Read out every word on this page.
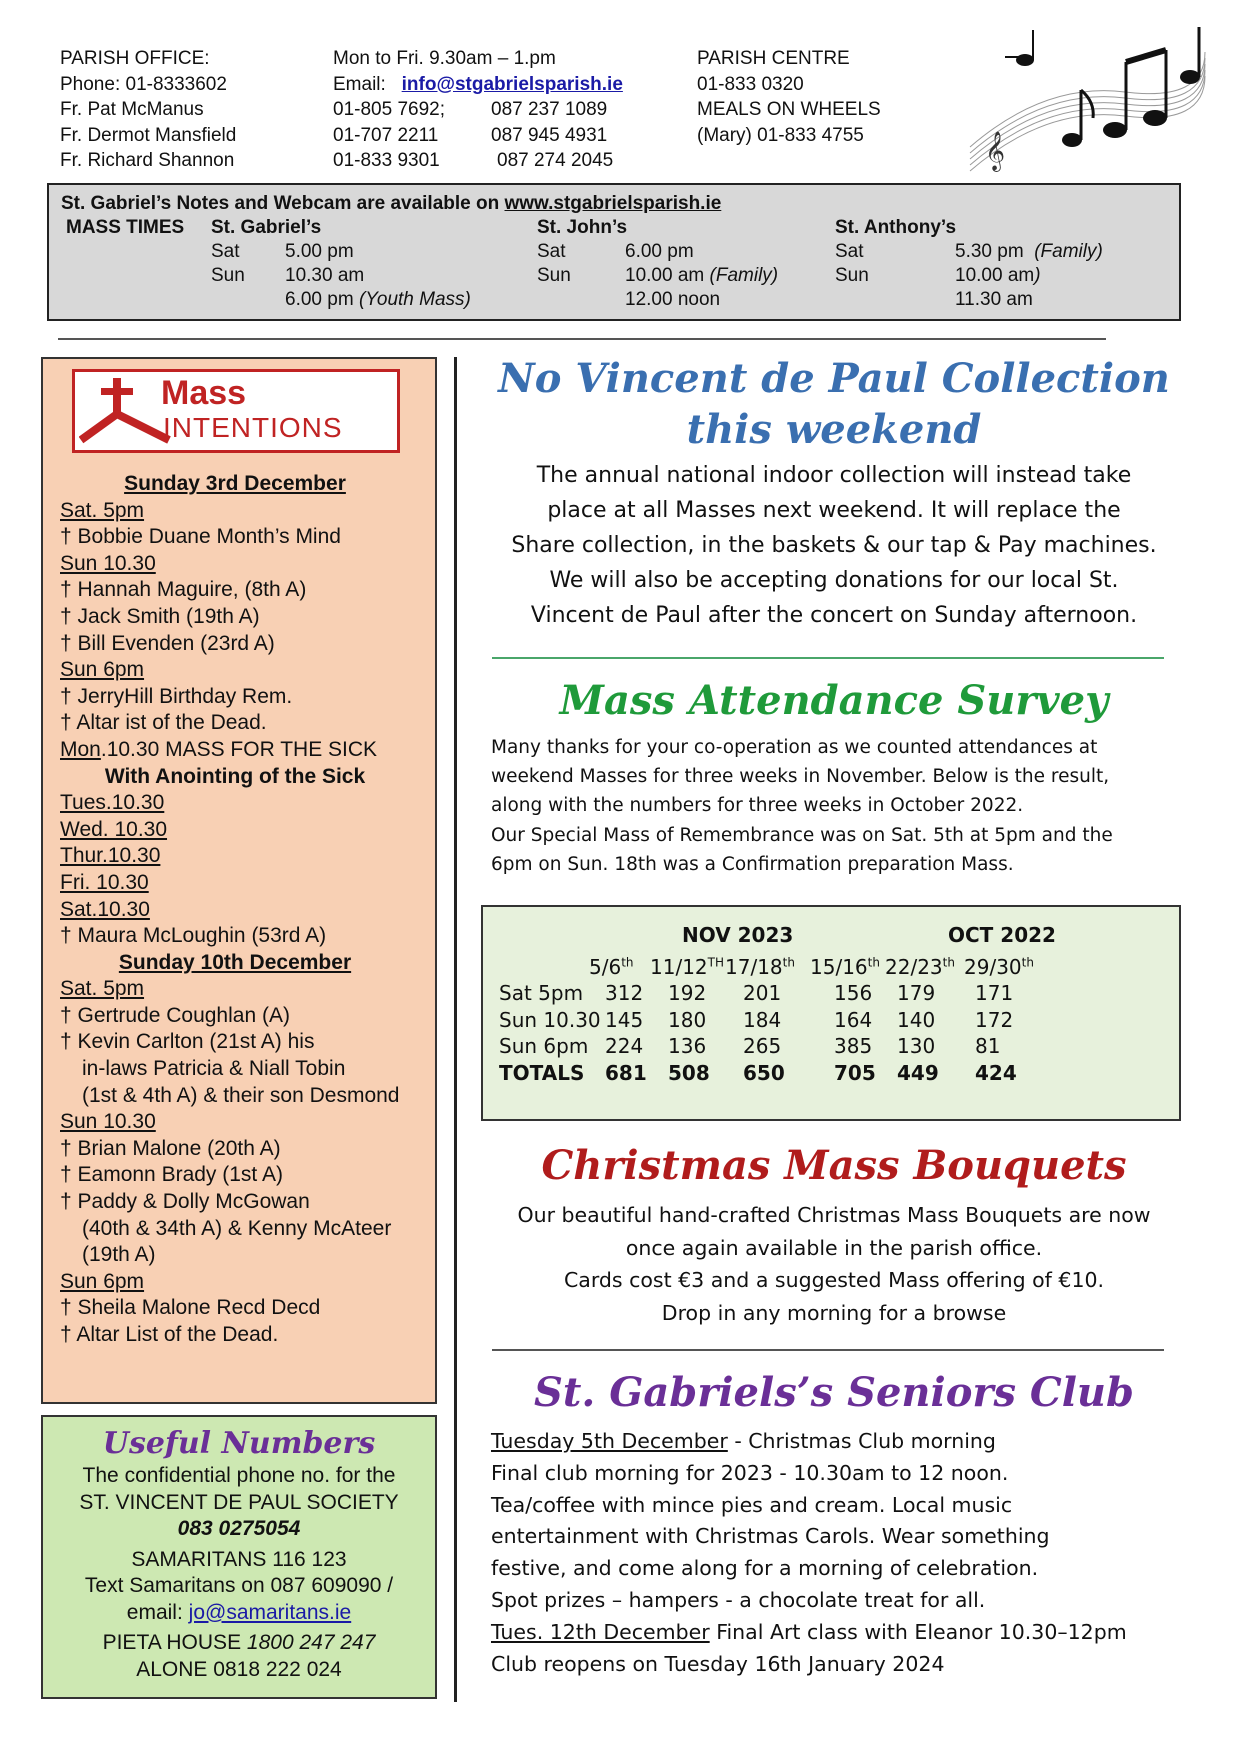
PARISH OFFICE:
Phone: 01-8333602
Fr. Pat McManus
Fr. Dermot Mansfield
Fr. Richard Shannon
Mon to Fri. 9.30am – 1.pm
Email: info@stgabrielsparish.ie
01-805 7692; 087 237 1089
01-707 2211	087 945 4931
01-833 9301	087 274 2045
PARISH CENTRE
01-833 0320
MEALS ON WHEELS
(Mary) 01-833 4755	𝄞
St. Gabriel’s Notes and Webcam are available on www.stgabrielsparish.ie
MASS TIMES St. Gabriel’s
Sat 5.00 pm
Sun 10.30 am
6.00 pm (Youth Mass)
St. John’s
Sat	6.00 pm
Sun	10.00 am (Family)
12.00 noon
St. Anthony’s
Sat	5.30 pm (Family)
Sun	10.00 am)
11.30 am
Mass
INTENTIONS
Sunday 3rd December
Sat. 5pm
† Bobbie Duane Month’s Mind
Sun 10.30
† Hannah Maguire, (8th A)
† Jack Smith (19th A)
† Bill Evenden (23rd A)
Sun 6pm
† JerryHill Birthday Rem.
† Altar ist of the Dead.
Mon.10.30 MASS FOR THE SICK
With Anointing of the Sick
Tues.10.30
Wed. 10.30
Thur.10.30
Fri. 10.30
Sat.10.30
† Maura McLoughin (53rd A)
Sunday 10th December
Sat. 5pm
† Gertrude Coughlan (A)
† Kevin Carlton (21st A) his
in-laws Patricia & Niall Tobin
(1st & 4th A) & their son Desmond
Sun 10.30
† Brian Malone (20th A)
† Eamonn Brady (1st A)
† Paddy & Dolly McGowan
(40th & 34th A) & Kenny McAteer
(19th A)
Sun 6pm
† Sheila Malone Recd Decd
† Altar List of the Dead.
Useful Numbers
The confidential phone no. for the
ST. VINCENT DE PAUL SOCIETY
083 0275054
SAMARITANS 116 123
Text Samaritans on 087 609090 /
email: jo@samaritans.ie
PIETA HOUSE 1800 247 247
ALONE 0818 222 024
No Vincent de Paul Collection
this weekend
The annual national indoor collection will instead take
place at all Masses next weekend. It will replace the
Share collection, in the baskets & our tap & Pay machines.
We will also be accepting donations for our local St.
Vincent de Paul after the concert on Sunday afternoon.
Mass Attendance Survey
Many thanks for your co-operation as we counted attendances at
weekend Masses for three weeks in November. Below is the result,
along with the numbers for three weeks in October 2022.
Our Special Mass of Remembrance was on Sat. 5th at 5pm and the
6pm on Sun. 18th was a Confirmation preparation Mass.
NOV 2023	OCT 2022
5/6th 11/12TH 17/18th 15/16th 22/23th 29/30th
Sat 5pm 312 192 201	156 179 171
Sun 10.30 145 180 184	164 140 172
Sun 6pm 224 136 265	385 130 81
TOTALS 681 508 650 705 449 424
Christmas Mass Bouquets
Our beautiful hand-crafted Christmas Mass Bouquets are now
once again available in the parish office.
Cards cost €3 and a suggested Mass offering of €10.
Drop in any morning for a browse
St. Gabriels’s Seniors Club
Tuesday 5th December - Christmas Club morning
Final club morning for 2023 - 10.30am to 12 noon.
Tea/coffee with mince pies and cream. Local music
entertainment with Christmas Carols. Wear something
festive, and come along for a morning of celebration.
Spot prizes – hampers - a chocolate treat for all.
Tues. 12th December Final Art class with Eleanor 10.30–12pm
Club reopens on Tuesday 16th January 2024
